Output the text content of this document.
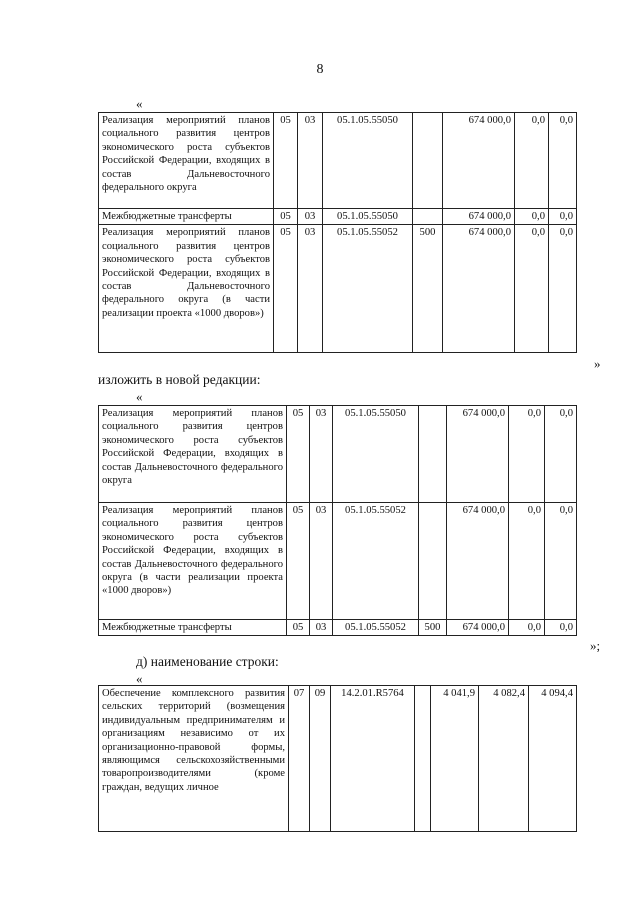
8
«
Реализация мероприятий планов социального развития центров экономического роста субъектов Российской Федерации, входящих в состав Дальневосточного федерального округа	05	03	05.1.05.55050		674 000,0	0,0	0,0
Межбюджетные трансферты	05	03	05.1.05.55050		674 000,0	0,0	0,0
Реализация мероприятий планов социального развития центров экономического роста субъектов Российской Федерации, входящих в состав Дальневосточного федерального округа (в части реализации проекта «1000 дворов»)	05	03	05.1.05.55052	500	674 000,0	0,0	0,0
»
изложить в новой редакции:
«
Реализация мероприятий планов социального развития центров экономического роста субъектов Российской Федерации, входящих в состав Дальневосточного федерального округа	05	03	05.1.05.55050		674 000,0	0,0	0,0
Реализация мероприятий планов социального развития центров экономического роста субъектов Российской Федерации, входящих в состав Дальневосточного федерального округа (в части реализации проекта «1000 дворов»)	05	03	05.1.05.55052		674 000,0	0,0	0,0
Межбюджетные трансферты	05	03	05.1.05.55052	500	674 000,0	0,0	0,0
»;
д) наименование строки:
«
Обеспечение комплексного развития сельских территорий (возмещения индивидуальным предпринимателям и организациям независимо от их организационно-правовой формы, являющимся сельскохозяйственными товаропроизводителями (кроме граждан, ведущих личное	07	09	14.2.01.R5764		4 041,9	4 082,4	4 094,4
